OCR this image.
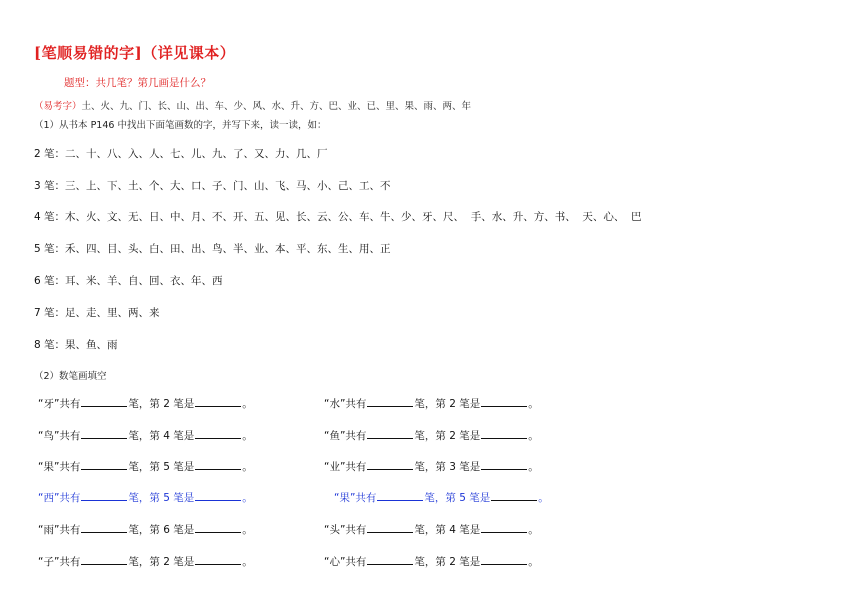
[笔顺易错的字]（详见课本）
题型：共几笔？第几画是什么？
（易考字）土、火、九、门、长、山、出、车、少、风、水、升、方、巴、业、已、里、果、雨、两、年
（1）从书本 P146 中找出下面笔画数的字，并写下来，读一读，如：
2 笔：二、十、八、入、人、七、儿、九、了、又、力、几、厂
3 笔：三、上、下、土、个、大、口、子、门、山、飞、马、小、己、工、不
4 笔：木、火、文、无、日、中、月、不、开、五、见、长、云、公、车、牛、少、牙、尺、  手、水、升、方、书、  天、心、  巴
5 笔：禾、四、目、头、白、田、出、鸟、半、业、本、平、东、生、用、正
6 笔：耳、米、羊、自、回、衣、年、西
7 笔：足、走、里、两、来
8 笔：果、鱼、雨
（2）数笔画填空
“牙”共有	笔，第 2 笔是	。	“水”共有	笔，第 2 笔是	。
“鸟”共有	笔，第 4 笔是	。	“鱼”共有	笔，第 2 笔是	。
“果”共有	笔，第 5 笔是	。	“业”共有	笔，第 3 笔是	。
“西”共有	笔，第 5 笔是	。	“果”共有	笔，第 5 笔是	。
“雨”共有	笔，第 6 笔是	。	“头”共有	笔，第 4 笔是	。
“子”共有	笔，第 2 笔是	。	“心”共有	笔，第 2 笔是	。
